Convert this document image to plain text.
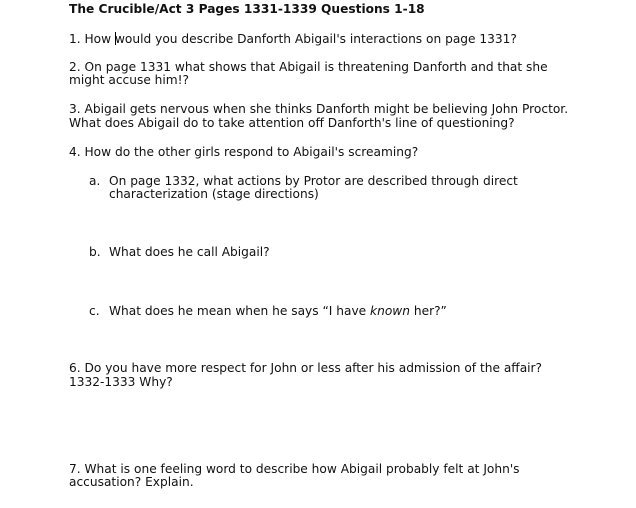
The Crucible/Act 3 Pages 1331-1339 Questions 1-18
1. How would you describe Danforth Abigail's interactions on page 1331?
2. On page 1331 what shows that Abigail is threatening Danforth and that she
might accuse him!?
3. Abigail gets nervous when she thinks Danforth might be believing John Proctor.
What does Abigail do to take attention off Danforth's line of questioning?
4. How do the other girls respond to Abigail's screaming?
a. On page 1332, what actions by Protor are described through direct
characterization (stage directions)
b. What does he call Abigail?
c. What does he mean when he says “I have known her?”
6. Do you have more respect for John or less after his admission of the affair?
1332-1333 Why?
7. What is one feeling word to describe how Abigail probably felt at John's
accusation? Explain.
